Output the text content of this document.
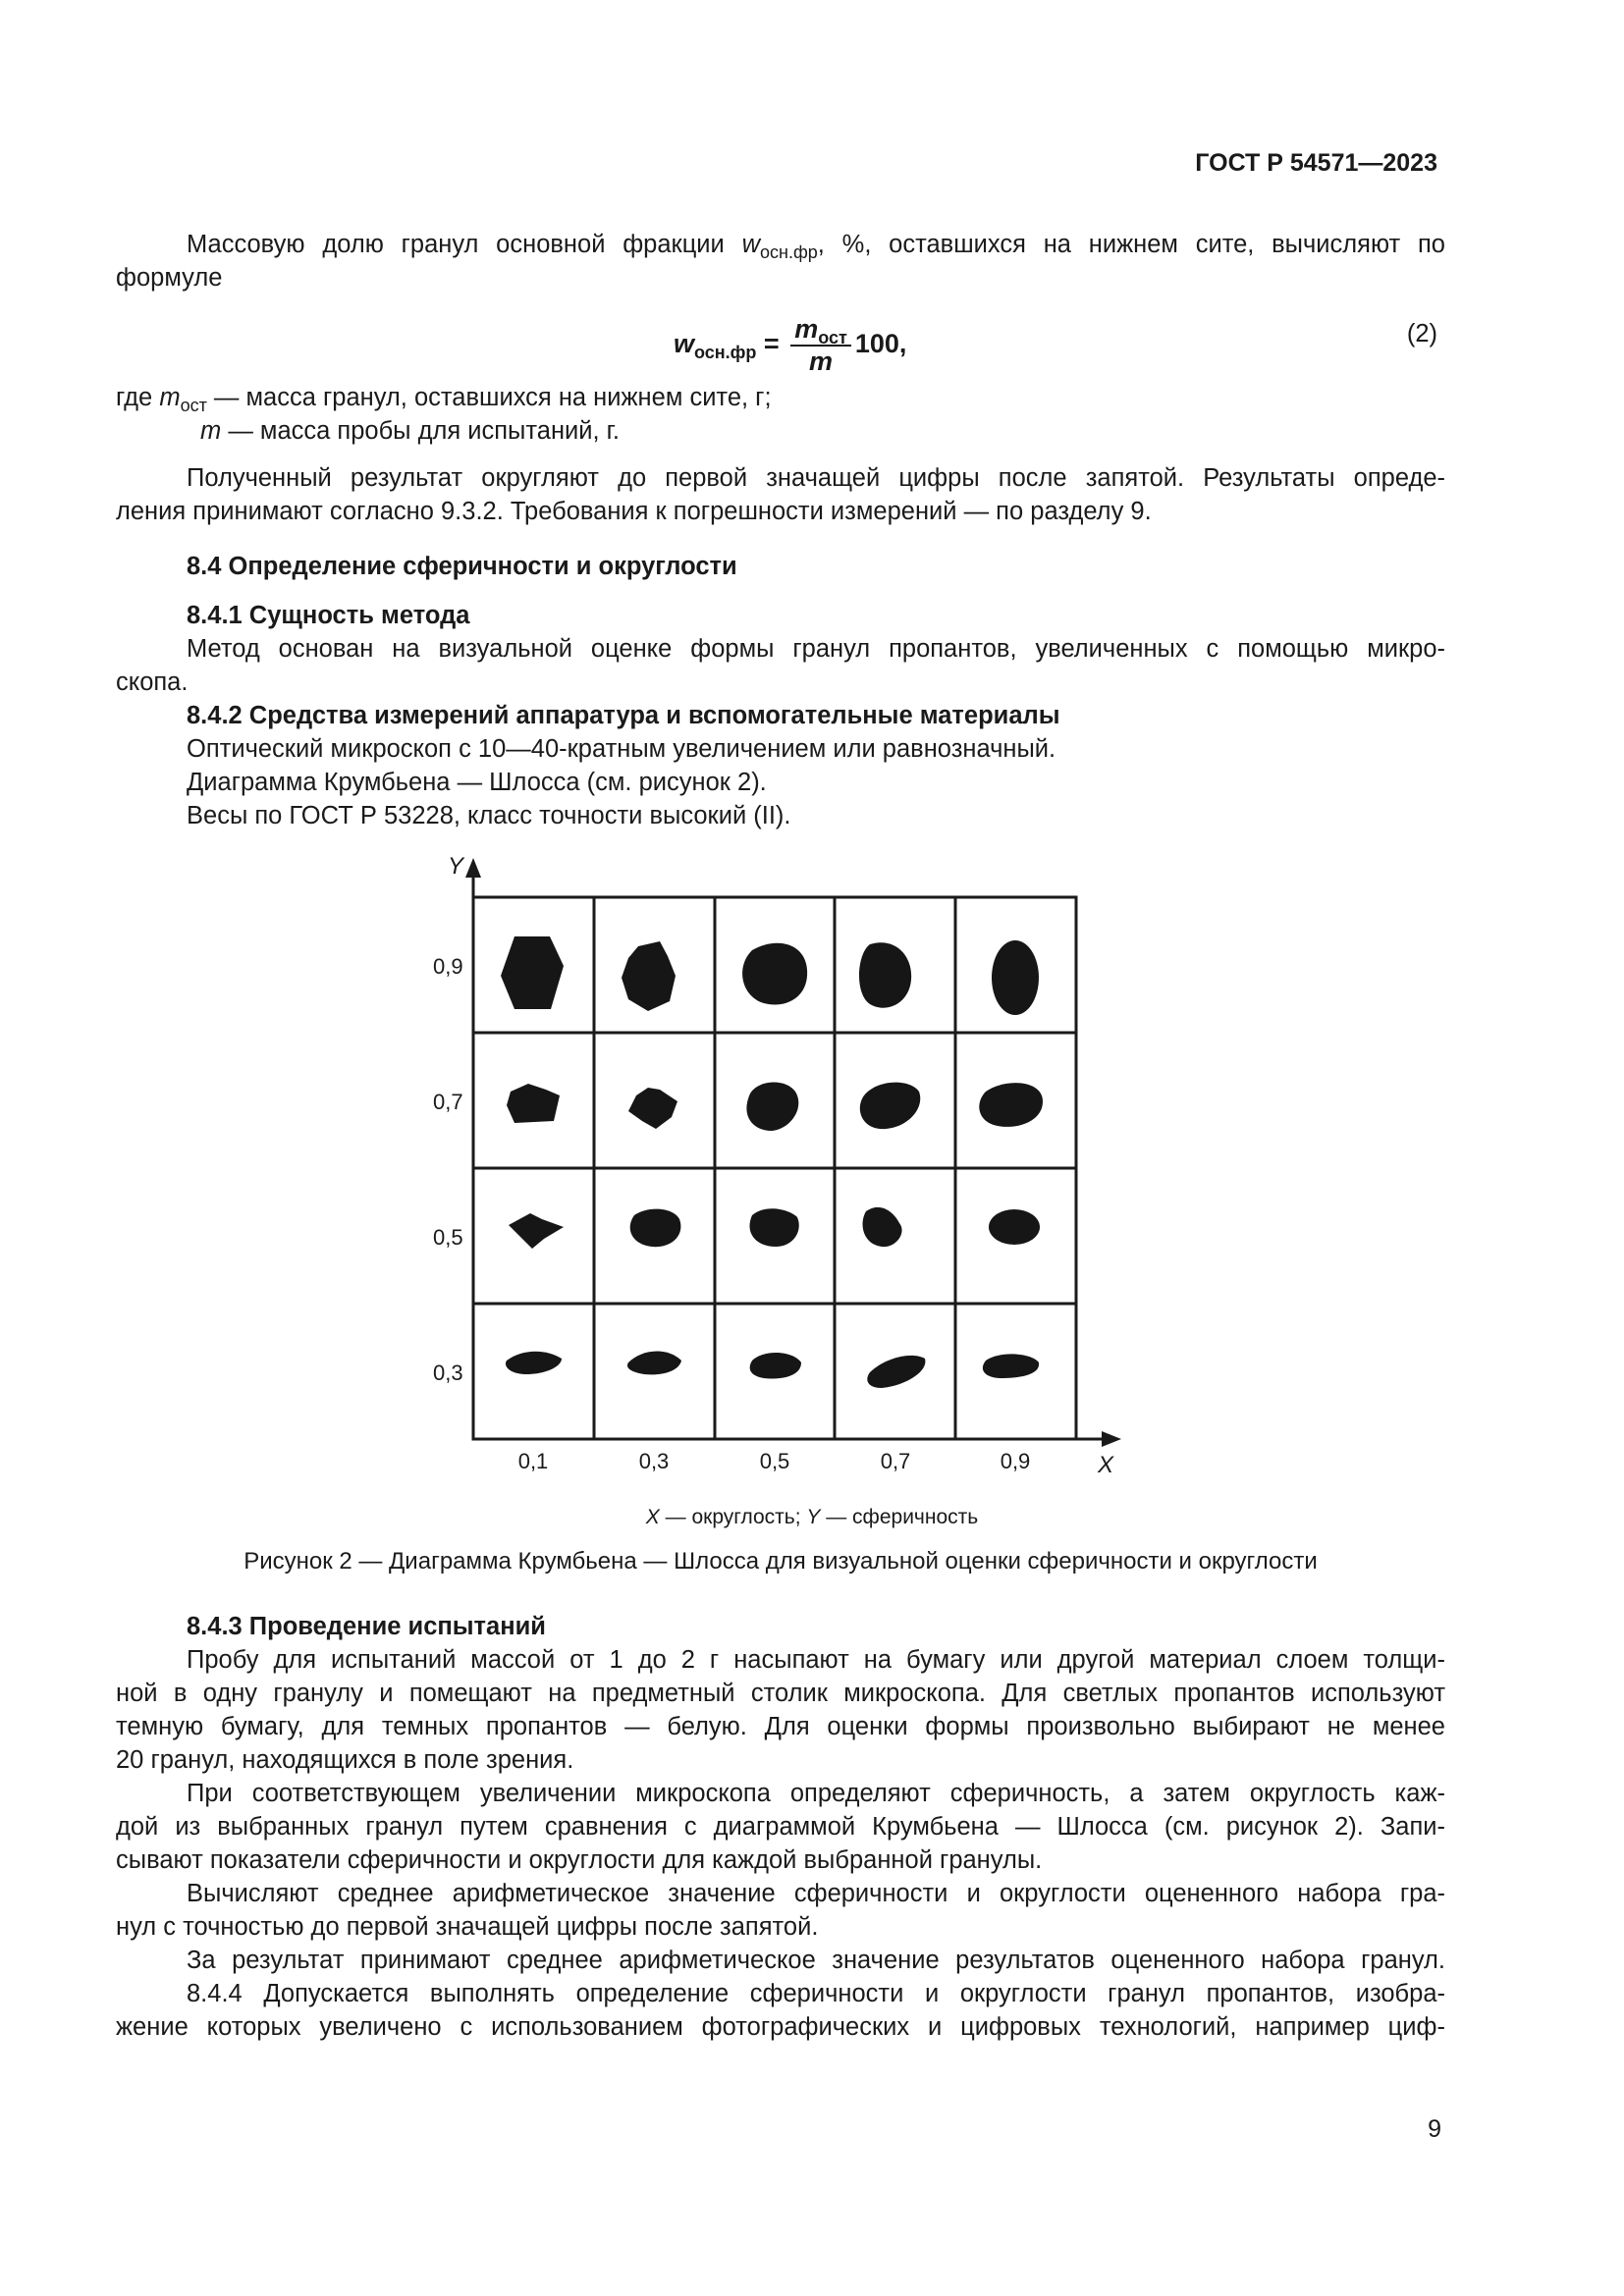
ГОСТ Р 54571—2023
Массовую долю гранул основной фракции $w_{осн.фр}$, %, оставшихся на нижнем сите, вычисляют по
формуле
$w_{осн.фр} = \frac{m_{ост}}{m} 100$,	(2)
где $m_{ост}$ — масса гранул, оставшихся на нижнем сите, г;
m — масса пробы для испытаний, г.
Полученный результат округляют до первой значащей цифры после запятой. Результаты опреде-
ления принимают согласно 9.3.2. Требования к погрешности измерений — по разделу 9.
8.4 Определение сферичности и округлости
8.4.1 Сущность метода
Метод основан на визуальной оценке формы гранул пропантов, увеличенных с помощью микро-
скопа.
8.4.2 Средства измерений аппаратура и вспомогательные материалы
Оптический микроскоп с 10—40-кратным увеличением или равнозначный.
Диаграмма Крумбьена — Шлосса (см. рисунок 2).
Весы по ГОСТ Р 53228, класс точности высокий (II).
Y
X
0,9
0,7
0,5
0,3
0,1	0,3	0,5	0,7	0,9
X — округлость; Y — сферичность
Рисунок 2 — Диаграмма Крумбьена — Шлосса для визуальной оценки сферичности и округлости
8.4.3 Проведение испытаний
Пробу для испытаний массой от 1 до 2 г насыпают на бумагу или другой материал слоем толщи-
ной в одну гранулу и помещают на предметный столик микроскопа. Для светлых пропантов используют
темную бумагу, для темных пропантов — белую. Для оценки формы произвольно выбирают не менее
20 гранул, находящихся в поле зрения.
При соответствующем увеличении микроскопа определяют сферичность, а затем округлость каж-
дой из выбранных гранул путем сравнения с диаграммой Крумбьена — Шлосса (см. рисунок 2). Запи-
сывают показатели сферичности и округлости для каждой выбранной гранулы.
Вычисляют среднее арифметическое значение сферичности и округлости оцененного набора гра-
нул с точностью до первой значащей цифры после запятой.
За результат принимают среднее арифметическое значение результатов оцененного набора гранул.
8.4.4 Допускается выполнять определение сферичности и округлости гранул пропантов, изобра-
жение которых увеличено с использованием фотографических и цифровых технологий, например циф-
9
